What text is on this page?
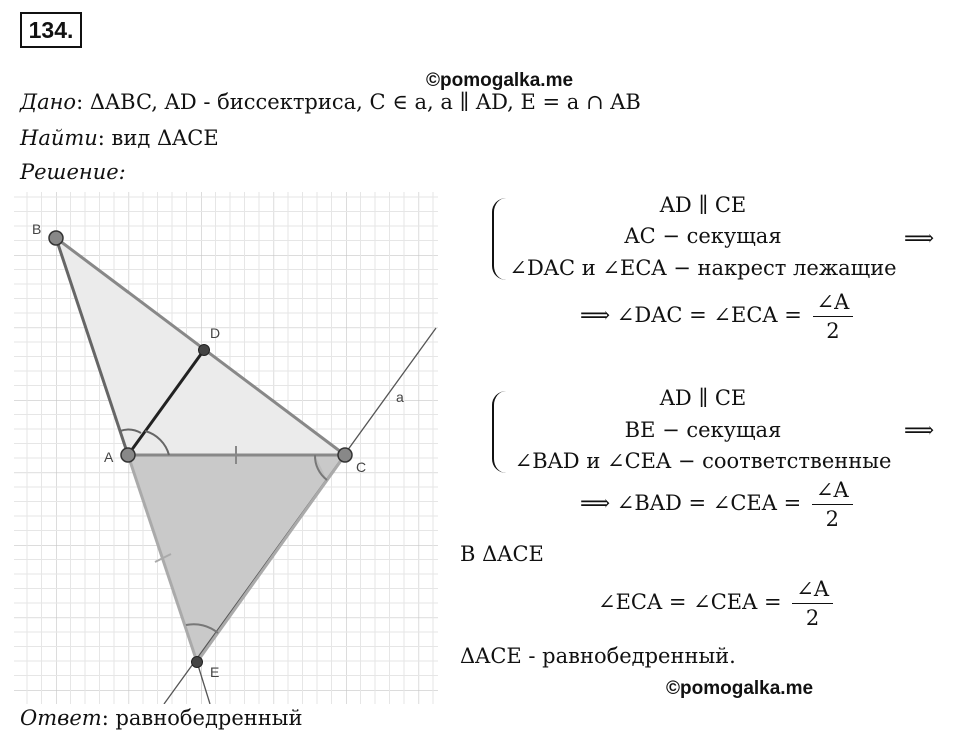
134.
©pomogalka.me
Дано: ΔABC, AD - биссектриса, C ∈ a, a ∥ AD, E = a ∩ AB
Найти: вид ΔACE
Решение:
B
D
A
C
E
a
AD ∥ CE
AC − секущая
∠DAC и ∠ECA − накрест лежащие
⟹
⟹ ∠DAC = ∠ECA = $\frac{\angle A}{2}$
AD ∥ CE
BE − секущая
∠BAD и ∠CEA − соответственные
⟹
⟹ ∠BAD = ∠CEA = $\frac{\angle A}{2}$
В ΔACE
∠ECA = ∠CEA = $\frac{\angle A}{2}$
ΔACE - равнобедренный.
©pomogalka.me
Ответ: равнобедренный
